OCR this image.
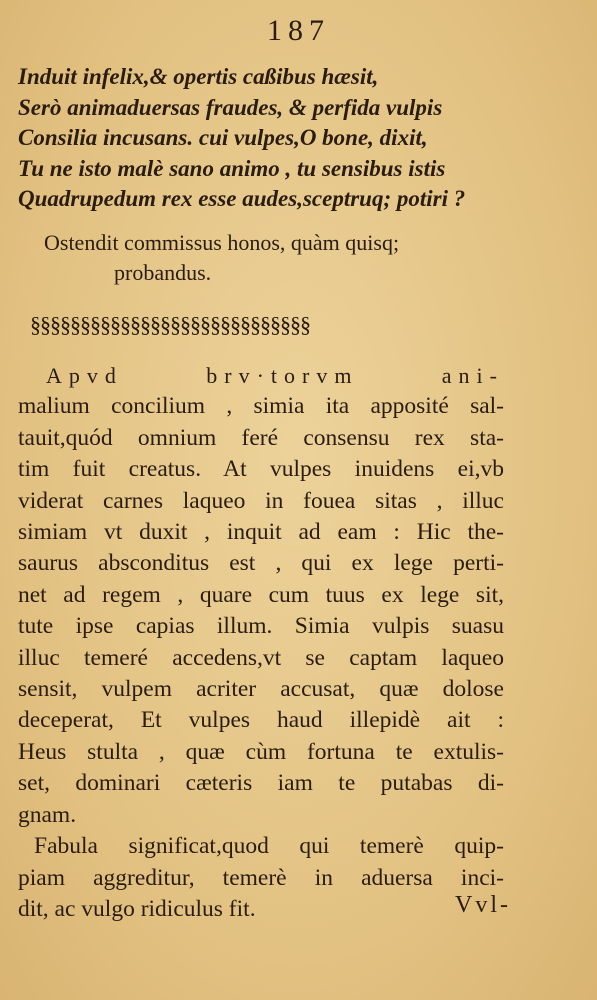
187
Induit infelix,& opertis caßibus hæsit,
Serò animaduersas fraudes, & perfida vulpis
Consilia incusans. cui vulpes,O bone, dixit,
Tu ne isto malè sano animo , tu sensibus istis
Quadrupedum rex esse audes,sceptruq; potiri ?
Ostendit commissus honos, quàm quisq;
probandus.
§§§§§§§§§§§§§§§§§§§§§§§§§§§§
Apvd brv·torvm ani-
malium concilium , simia ita apposité sal-
tauit,quód omnium feré consensu rex sta-
tim fuit creatus. At vulpes inuidens ei,vb
viderat carnes laqueo in fouea sitas , illuc
simiam vt duxit , inquit ad eam : Hic the-
saurus absconditus est , qui ex lege perti-
net ad regem , quare cum tuus ex lege sit,
tute ipse capias illum. Simia vulpis suasu
illuc temeré accedens,vt se captam laqueo
sensit, vulpem acriter accusat, quæ dolose
deceperat, Et vulpes haud illepidè ait :
Heus stulta , quæ cùm fortuna te extulis-
set, dominari cæteris iam te putabas di-
gnam.
Fabula significat,quod qui temerè quip-
piam aggreditur, temerè in aduersa inci-
dit, ac vulgo ridiculus fit.	Vvl-
